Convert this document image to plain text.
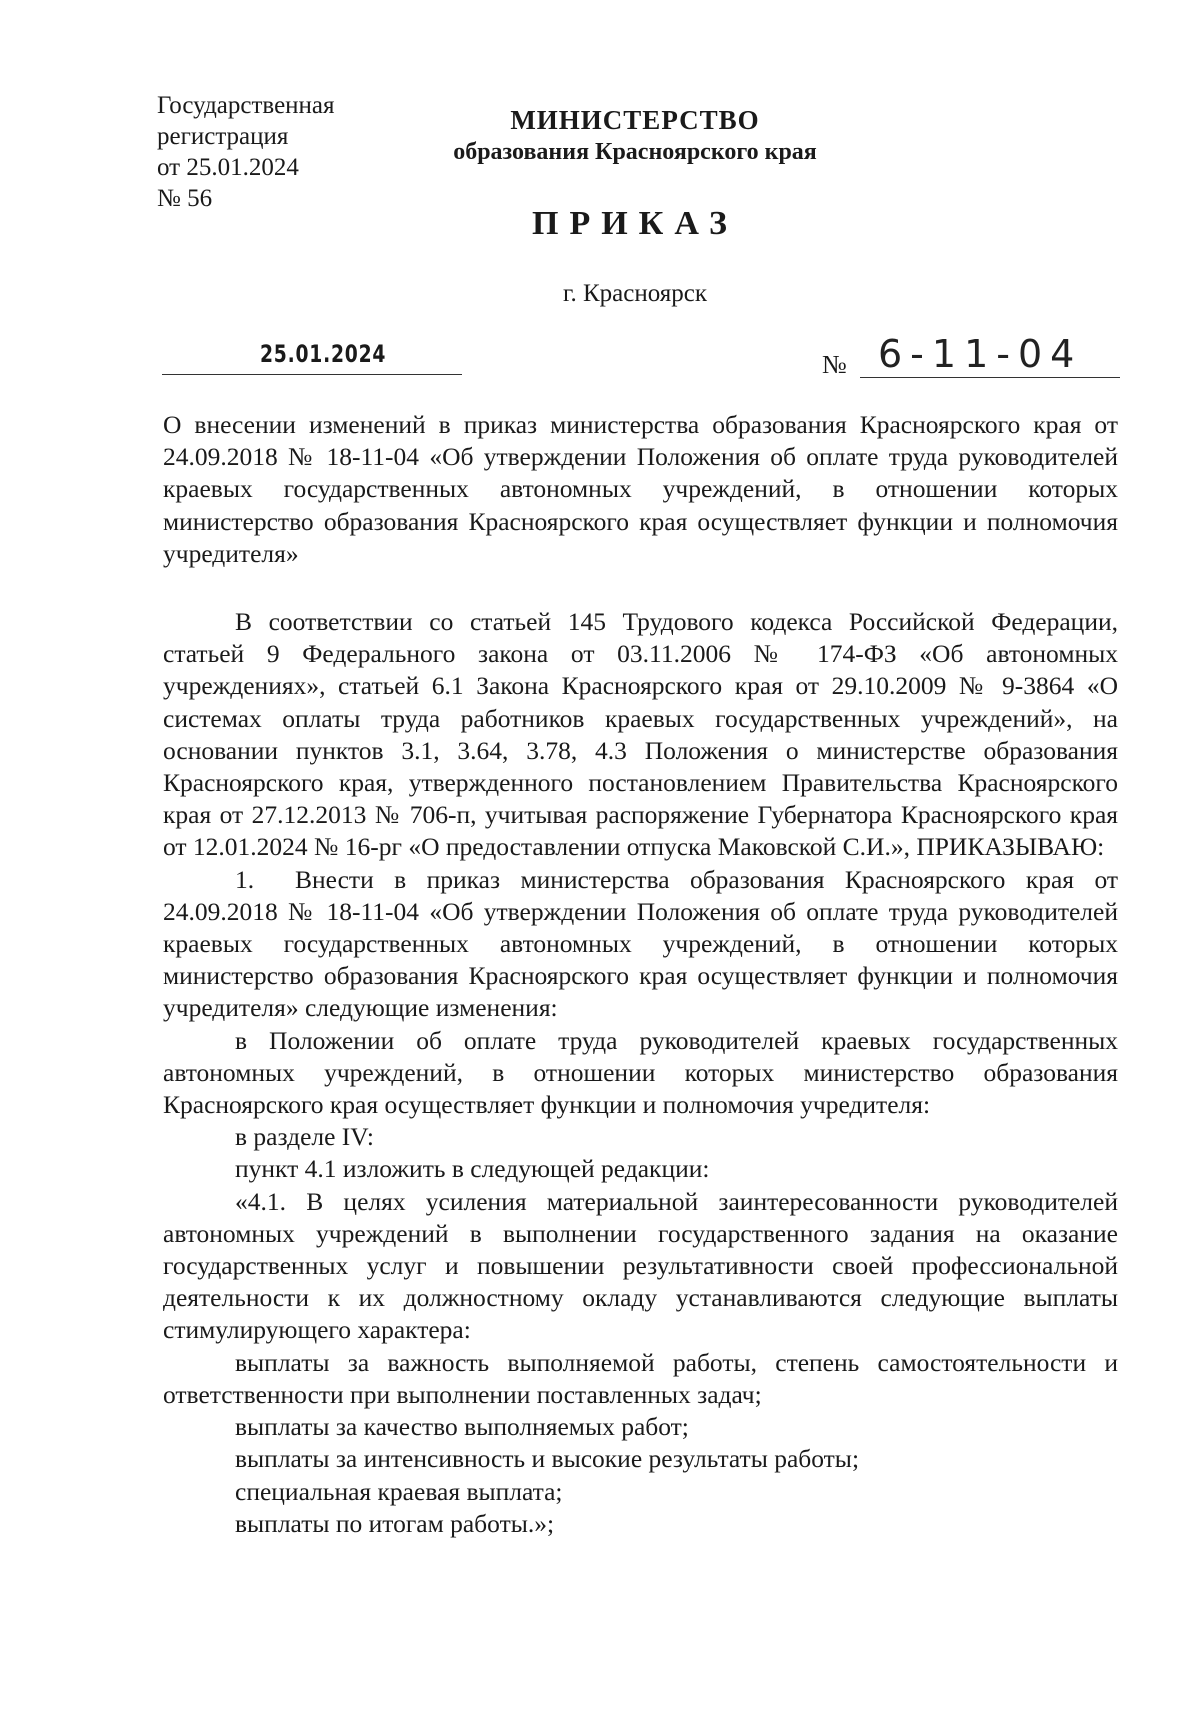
Государственная
регистрация
от 25.01.2024
№ 56
МИНИСТЕРСТВО
образования Красноярского края
ПРИКАЗ
г. Красноярск
25.01.2024	№ 6-11-04
О внесении изменений в приказ министерства образования Красноярского края от 24.09.2018 № 18-11-04 «Об утверждении Положения об оплате труда руководителей краевых государственных автономных учреждений, в отношении которых министерство образования Красноярского края осуществляет функции и полномочия учредителя»
В соответствии со статьей 145 Трудового кодекса Российской Федерации, статьей 9 Федерального закона от 03.11.2006 № 174-ФЗ «Об автономных учреждениях», статьей 6.1 Закона Красноярского края от 29.10.2009 № 9-3864 «О системах оплаты труда работников краевых государственных учреждений», на основании пунктов 3.1, 3.64, 3.78, 4.3 Положения о министерстве образования Красноярского края, утвержденного постановлением Правительства Красноярского края от 27.12.2013 № 706-п, учитывая распоряжение Губернатора Красноярского края от 12.01.2024 № 16-рг «О предоставлении отпуска Маковской С.И.», ПРИКАЗЫВАЮ:
1. Внести в приказ министерства образования Красноярского края от 24.09.2018 № 18-11-04 «Об утверждении Положения об оплате труда руководителей краевых государственных автономных учреждений, в отношении которых министерство образования Красноярского края осуществляет функции и полномочия учредителя» следующие изменения:
в Положении об оплате труда руководителей краевых государственных автономных учреждений, в отношении которых министерство образования Красноярского края осуществляет функции и полномочия учредителя:
в разделе IV:
пункт 4.1 изложить в следующей редакции:
«4.1. В целях усиления материальной заинтересованности руководителей автономных учреждений в выполнении государственного задания на оказание государственных услуг и повышении результативности своей профессиональной деятельности к их должностному окладу устанавливаются следующие выплаты стимулирующего характера:
выплаты за важность выполняемой работы, степень самостоятельности и ответственности при выполнении поставленных задач;
выплаты за качество выполняемых работ;
выплаты за интенсивность и высокие результаты работы;
специальная краевая выплата;
выплаты по итогам работы.»;
